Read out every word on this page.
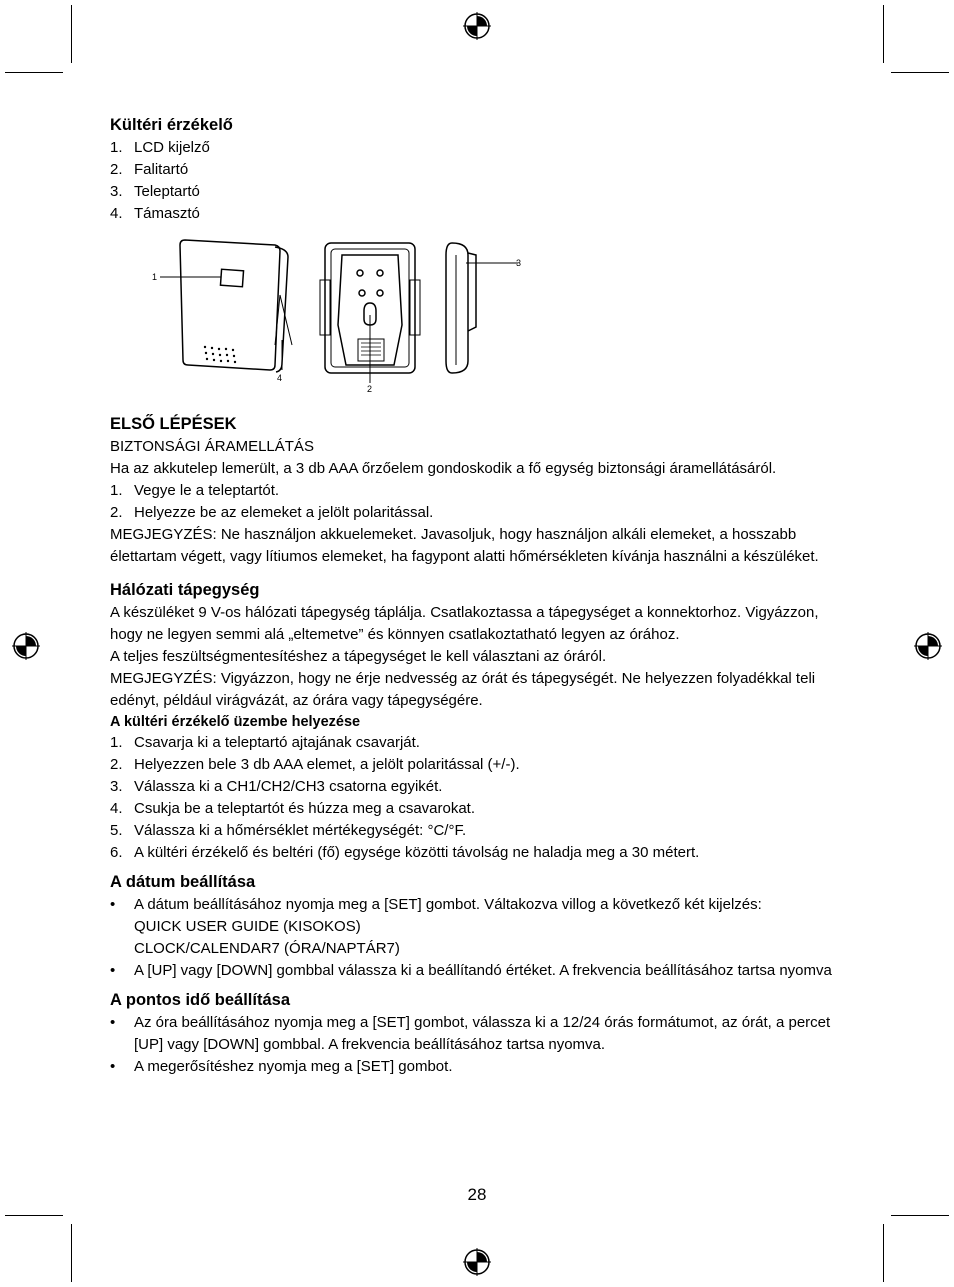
Kültéri érzékelő
1. LCD kijelző
2. Falitartó
3. Teleptartó
4. Támasztó
1
4
2
3
ELSŐ LÉPÉSEK

BIZTONSÁGI ÁRAMELLÁTÁS

Ha az akkutelep lemerült, a 3 db AAA őrzőelem gondoskodik a fő egység biztonsági áramellátásáról.

1. Vegye le a teleptartót.
2. Helyezze be az elemeket a jelölt polaritással.

MEGJEGYZÉS: Ne használjon akkuelemeket. Javasoljuk, hogy használjon alkáli elemeket, a hosszabb élettartam végett, vagy lítiumos elemeket, ha fagypont alatti hőmérsékleten kívánja használni a készüléket.

Hálózati tápegység

A készüléket 9 V-os hálózati tápegység táplálja. Csatlakoztassa a tápegységet a konnektorhoz. Vigyázzon, hogy ne legyen semmi alá „eltemetve” és könnyen csatlakoztatható legyen az órához.

A teljes feszültségmentesítéshez a tápegységet le kell választani az óráról.

MEGJEGYZÉS: Vigyázzon, hogy ne érje nedvesség az órát és tápegységét. Ne helyezzen folyadékkal teli edényt, például virágvázát, az órára vagy tápegységére.

A kültéri érzékelő üzembe helyezése
1. Csavarja ki a teleptartó ajtajának csavarját.
2. Helyezzen bele 3 db AAA elemet, a jelölt polaritással (+/-).
3. Válassza ki a CH1/CH2/CH3 csatorna egyikét.
4. Csukja be a teleptartót és húzza meg a csavarokat.
5. Válassza ki a hőmérséklet mértékegységét: °C/°F.
6. A kültéri érzékelő és beltéri (fő) egysége közötti távolság ne haladja meg a 30 métert.
A dátum beállítása
•	A dátum beállításához nyomja meg a [SET] gombot. Váltakozva villog a következő két kijelzés:
QUICK USER GUIDE (KISOKOS)
CLOCK/CALENDAR7 (ÓRA/NAPTÁR7)
•	A [UP] vagy [DOWN] gombbal válassza ki a beállítandó értéket. A frekvencia beállításához tartsa nyomva
A pontos idő beállítása
•	Az óra beállításához nyomja meg a [SET] gombot, válassza ki a 12/24 órás formátumot, az órát, a percet [UP] vagy [DOWN] gombbal. A frekvencia beállításához tartsa nyomva.
•	A megerősítéshez nyomja meg a [SET] gombot.
28
